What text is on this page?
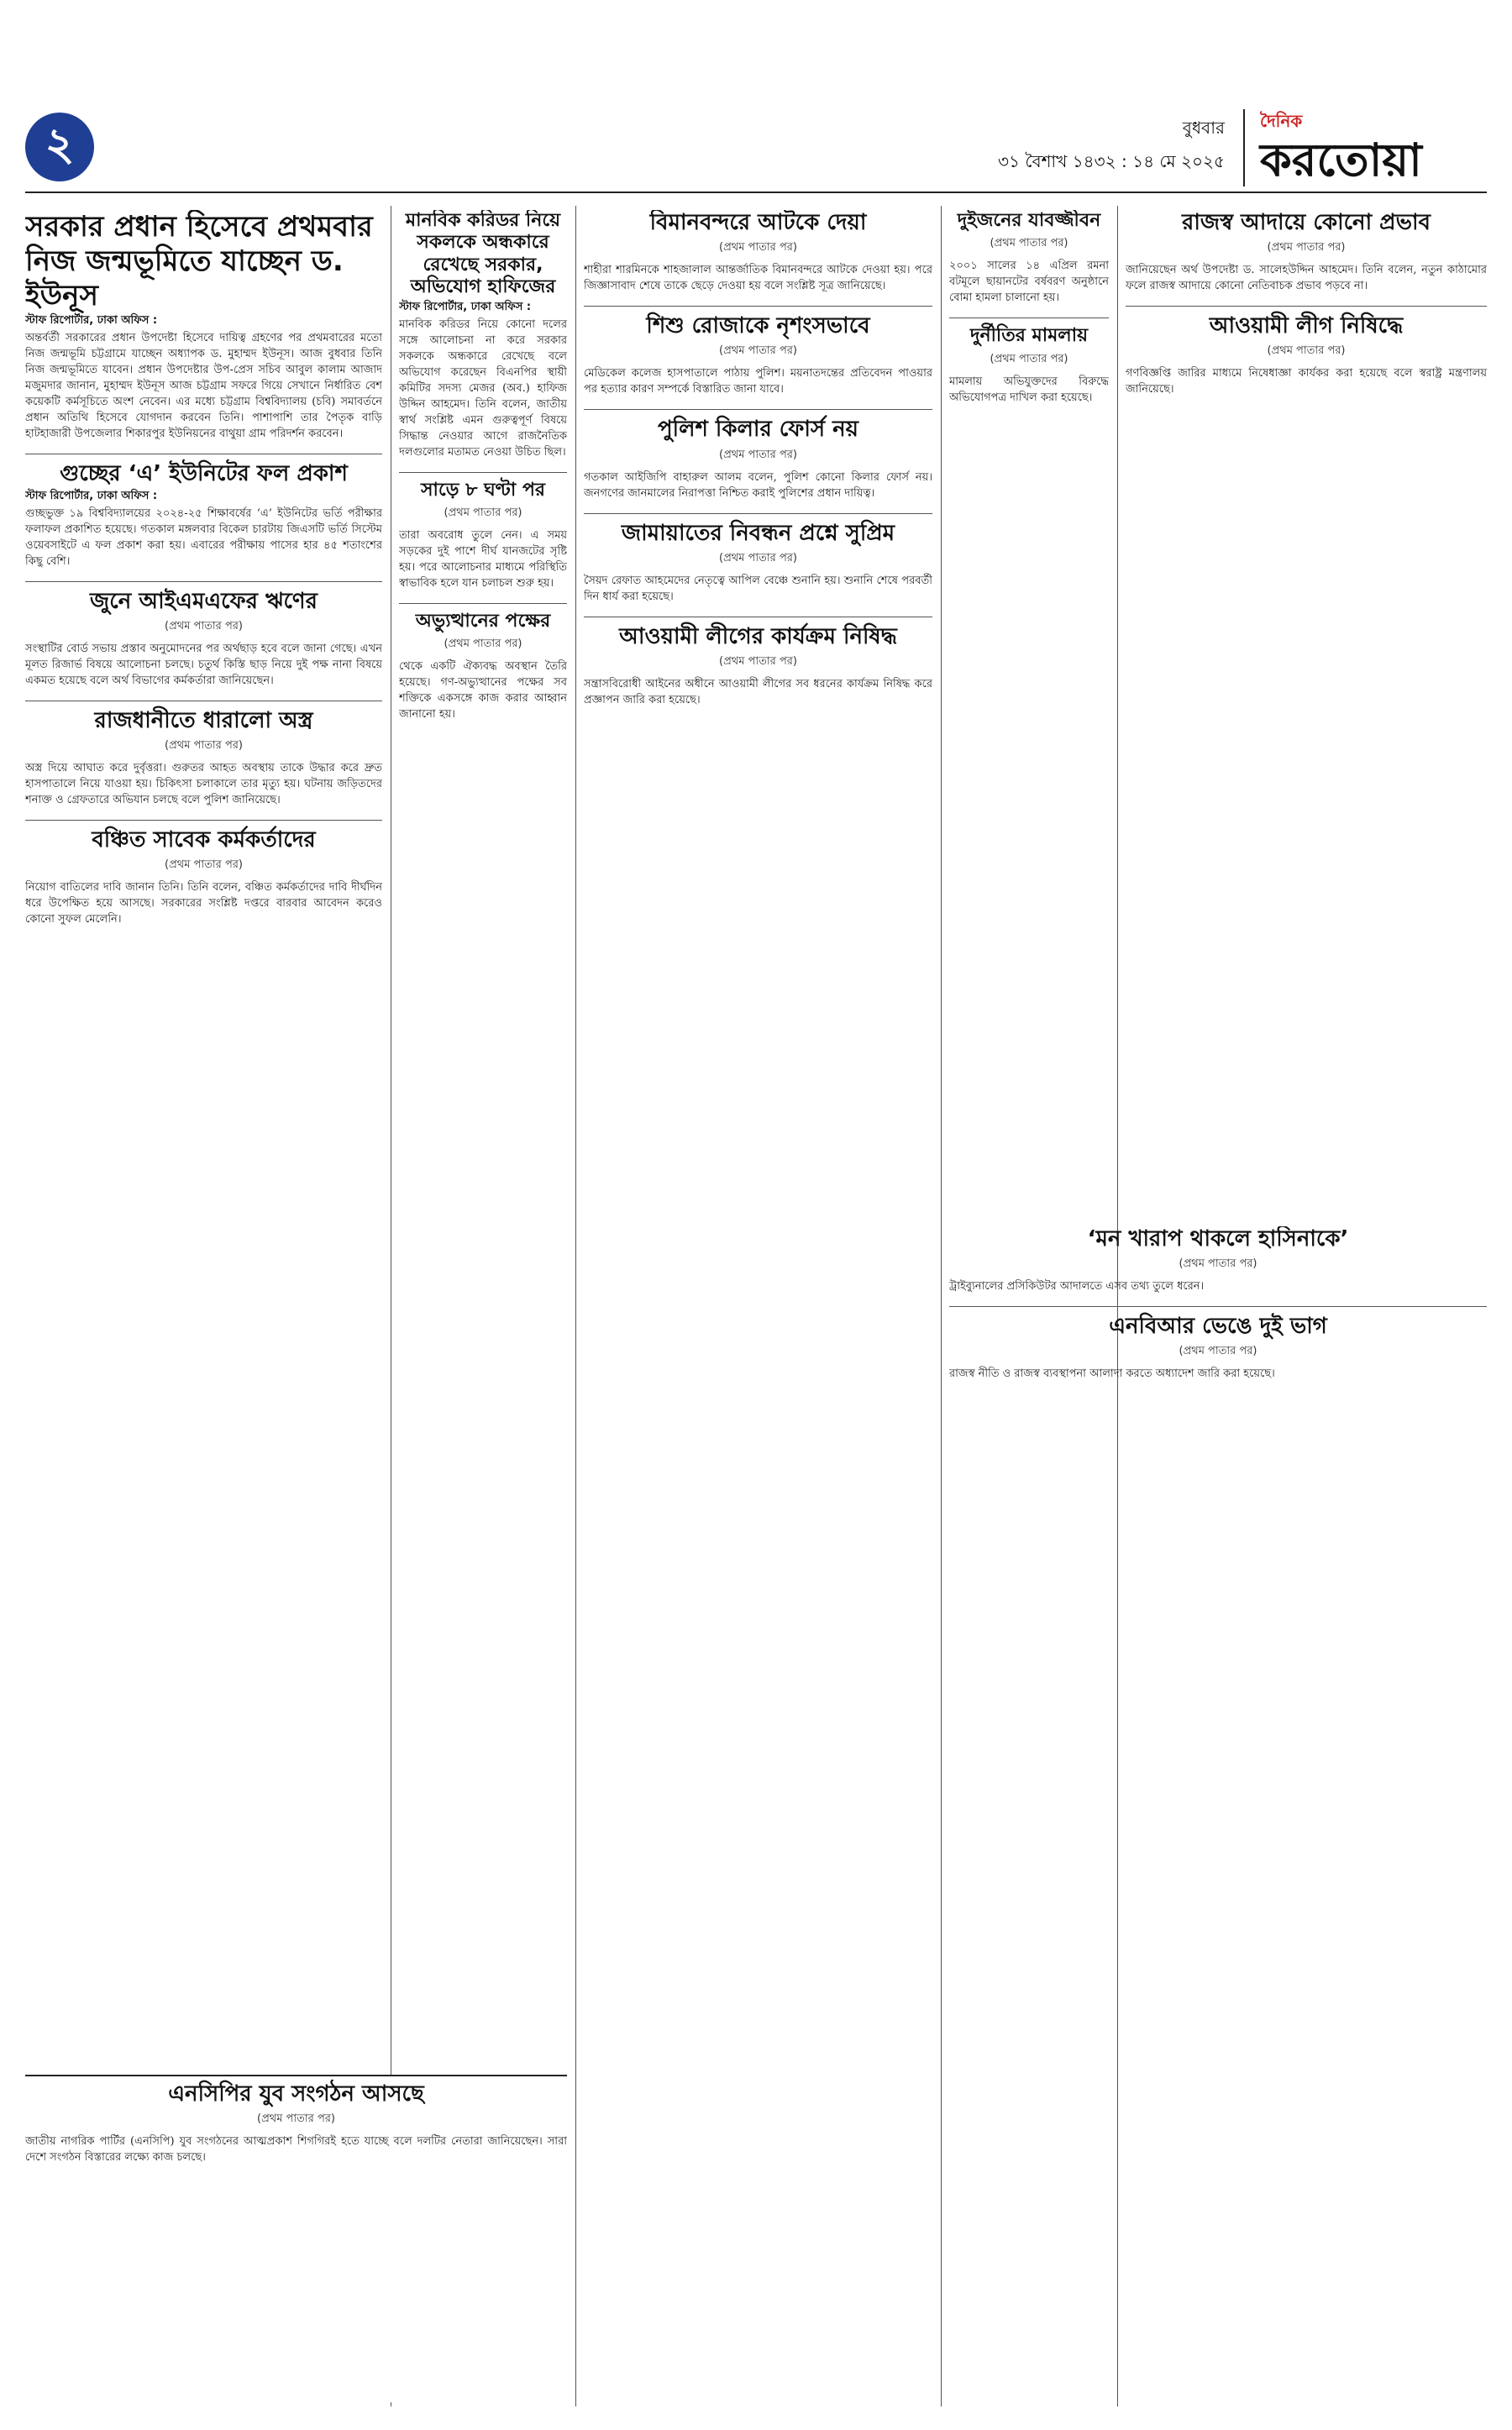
২	বুধবার
৩১ বৈশাখ ১৪৩২ : ১৪ মে ২০২৫
দৈনিক
করতোয়া
সরকার প্রধান হিসেবে প্রথমবার নিজ জন্মভূমিতে যাচ্ছেন ড. ইউনূস
স্টাফ রিপোর্টার, ঢাকা অফিস :
অন্তর্বর্তী সরকারের প্রধান উপদেষ্টা হিসেবে দায়িত্ব গ্রহণের পর প্রথমবারের মতো নিজ জন্মভূমি চট্টগ্রামে যাচ্ছেন অধ্যাপক ড. মুহাম্মদ ইউনূস। আজ বুধবার তিনি নিজ জন্মভূমিতে যাবেন। প্রধান উপদেষ্টার উপ-প্রেস সচিব আবুল কালাম আজাদ মজুমদার জানান, মুহাম্মদ ইউনূস আজ চট্টগ্রাম সফরে গিয়ে সেখানে নির্ধারিত বেশ কয়েকটি কর্মসূচিতে অংশ নেবেন। এর মধ্যে চট্টগ্রাম বিশ্ববিদ্যালয় (চবি) সমাবর্তনে প্রধান অতিথি হিসেবে যোগদান করবেন তিনি। পাশাপাশি তার পৈতৃক বাড়ি হাটহাজারী উপজেলার শিকারপুর ইউনিয়নের বাথুয়া গ্রাম পরিদর্শন করবেন।
গুচ্ছের ‘এ’ ইউনিটের ফল প্রকাশ
স্টাফ রিপোর্টার, ঢাকা অফিস :
গুচ্ছভুক্ত ১৯ বিশ্ববিদ্যালয়ের ২০২৪-২৫ শিক্ষাবর্ষের ‘এ’ ইউনিটের ভর্তি পরীক্ষার ফলাফল প্রকাশিত হয়েছে। গতকাল মঙ্গলবার বিকেল চারটায় জিএসটি ভর্তি সিস্টেম ওয়েবসাইটে এ ফল প্রকাশ করা হয়। এবারের পরীক্ষায় পাসের হার ৪৫ শতাংশের কিছু বেশি।
জুনে আইএমএফের ঋণের
(প্রথম পাতার পর)
সংস্থাটির বোর্ড সভায় প্রস্তাব অনুমোদনের পর অর্থছাড় হবে বলে জানা গেছে। এখন মূলত রিজার্ভ বিষয়ে আলোচনা চলছে। চতুর্থ কিস্তি ছাড় নিয়ে দুই পক্ষ নানা বিষয়ে একমত হয়েছে বলে অর্থ বিভাগের কর্মকর্তারা জানিয়েছেন।
রাজধানীতে ধারালো অস্ত্র
(প্রথম পাতার পর)
অস্ত্র দিয়ে আঘাত করে দুর্বৃত্তরা। গুরুতর আহত অবস্থায় তাকে উদ্ধার করে দ্রুত হাসপাতালে নিয়ে যাওয়া হয়। চিকিৎসা চলাকালে তার মৃত্যু হয়। ঘটনায় জড়িতদের শনাক্ত ও গ্রেফতারে অভিযান চলছে বলে পুলিশ জানিয়েছে।
বঞ্চিত সাবেক কর্মকর্তাদের
(প্রথম পাতার পর)
নিয়োগ বাতিলের দাবি জানান তিনি। তিনি বলেন, বঞ্চিত কর্মকর্তাদের দাবি দীর্ঘদিন ধরে উপেক্ষিত হয়ে আসছে। সরকারের সংশ্লিষ্ট দপ্তরে বারবার আবেদন করেও কোনো সুফল মেলেনি।
মানবিক করিডর নিয়ে সকলকে অন্ধকারে রেখেছে সরকার, অভিযোগ হাফিজের
স্টাফ রিপোর্টার, ঢাকা অফিস :
মানবিক করিডর নিয়ে কোনো দলের সঙ্গে আলোচনা না করে সরকার সকলকে অন্ধকারে রেখেছে বলে অভিযোগ করেছেন বিএনপির স্থায়ী কমিটির সদস্য মেজর (অব.) হাফিজ উদ্দিন আহমেদ। তিনি বলেন, জাতীয় স্বার্থ সংশ্লিষ্ট এমন গুরুত্বপূর্ণ বিষয়ে সিদ্ধান্ত নেওয়ার আগে রাজনৈতিক দলগুলোর মতামত নেওয়া উচিত ছিল।
সাড়ে ৮ ঘণ্টা পর
(প্রথম পাতার পর)
তারা অবরোধ তুলে নেন। এ সময় সড়কের দুই পাশে দীর্ঘ যানজটের সৃষ্টি হয়। পরে আলোচনার মাধ্যমে পরিস্থিতি স্বাভাবিক হলে যান চলাচল শুরু হয়।
অভ্যুত্থানের পক্ষের
(প্রথম পাতার পর)
থেকে একটি ঐক্যবদ্ধ অবস্থান তৈরি হয়েছে। গণ-অভ্যুত্থানের পক্ষের সব শক্তিকে একসঙ্গে কাজ করার আহ্বান জানানো হয়।
এনসিপির যুব সংগঠন আসছে
(প্রথম পাতার পর)
জাতীয় নাগরিক পার্টির (এনসিপি) যুব সংগঠনের আত্মপ্রকাশ শিগগিরই হতে যাচ্ছে বলে দলটির নেতারা জানিয়েছেন। সারা দেশে সংগঠন বিস্তারের লক্ষ্যে কাজ চলছে।
বিমানবন্দরে আটকে দেয়া
(প্রথম পাতার পর)
শাহীরা শারমিনকে শাহজালাল আন্তর্জাতিক বিমানবন্দরে আটকে দেওয়া হয়। পরে জিজ্ঞাসাবাদ শেষে তাকে ছেড়ে দেওয়া হয় বলে সংশ্লিষ্ট সূত্র জানিয়েছে।
শিশু রোজাকে নৃশংসভাবে
(প্রথম পাতার পর)
মেডিকেল কলেজ হাসপাতালে পাঠায় পুলিশ। ময়নাতদন্তের প্রতিবেদন পাওয়ার পর হত্যার কারণ সম্পর্কে বিস্তারিত জানা যাবে।
পুলিশ কিলার ফোর্স নয়
(প্রথম পাতার পর)
গতকাল আইজিপি বাহারুল আলম বলেন, পুলিশ কোনো কিলার ফোর্স নয়। জনগণের জানমালের নিরাপত্তা নিশ্চিত করাই পুলিশের প্রধান দায়িত্ব।
জামায়াতের নিবন্ধন প্রশ্নে সুপ্রিম
(প্রথম পাতার পর)
সৈয়দ রেফাত আহমেদের নেতৃত্বে আপিল বেঞ্চে শুনানি হয়। শুনানি শেষে পরবর্তী দিন ধার্য করা হয়েছে।
আওয়ামী লীগের কার্যক্রম নিষিদ্ধ
(প্রথম পাতার পর)
সন্ত্রাসবিরোধী আইনের অধীনে আওয়ামী লীগের সব ধরনের কার্যক্রম নিষিদ্ধ করে প্রজ্ঞাপন জারি করা হয়েছে।
দুইজনের যাবজ্জীবন
(প্রথম পাতার পর)
২০০১ সালের ১৪ এপ্রিল রমনা বটমূলে ছায়ানটের বর্ষবরণ অনুষ্ঠানে বোমা হামলা চালানো হয়।
দুর্নীতির মামলায়
(প্রথম পাতার পর)
মামলায় অভিযুক্তদের বিরুদ্ধে অভিযোগপত্র দাখিল করা হয়েছে।
‘মন খারাপ থাকলে হাসিনাকে’
(প্রথম পাতার পর)
ট্রাইব্যুনালের প্রসিকিউটর আদালতে এসব তথ্য তুলে ধরেন।
এনবিআর ভেঙে দুই ভাগ
(প্রথম পাতার পর)
রাজস্ব নীতি ও রাজস্ব ব্যবস্থাপনা আলাদা করতে অধ্যাদেশ জারি করা হয়েছে।
রাজস্ব আদায়ে কোনো প্রভাব
(প্রথম পাতার পর)
জানিয়েছেন অর্থ উপদেষ্টা ড. সালেহউদ্দিন আহমেদ। তিনি বলেন, নতুন কাঠামোর ফলে রাজস্ব আদায়ে কোনো নেতিবাচক প্রভাব পড়বে না।
আওয়ামী লীগ নিষিদ্ধে
(প্রথম পাতার পর)
গণবিজ্ঞপ্তি জারির মাধ্যমে নিষেধাজ্ঞা কার্যকর করা হয়েছে বলে স্বরাষ্ট্র মন্ত্রণালয় জানিয়েছে।
